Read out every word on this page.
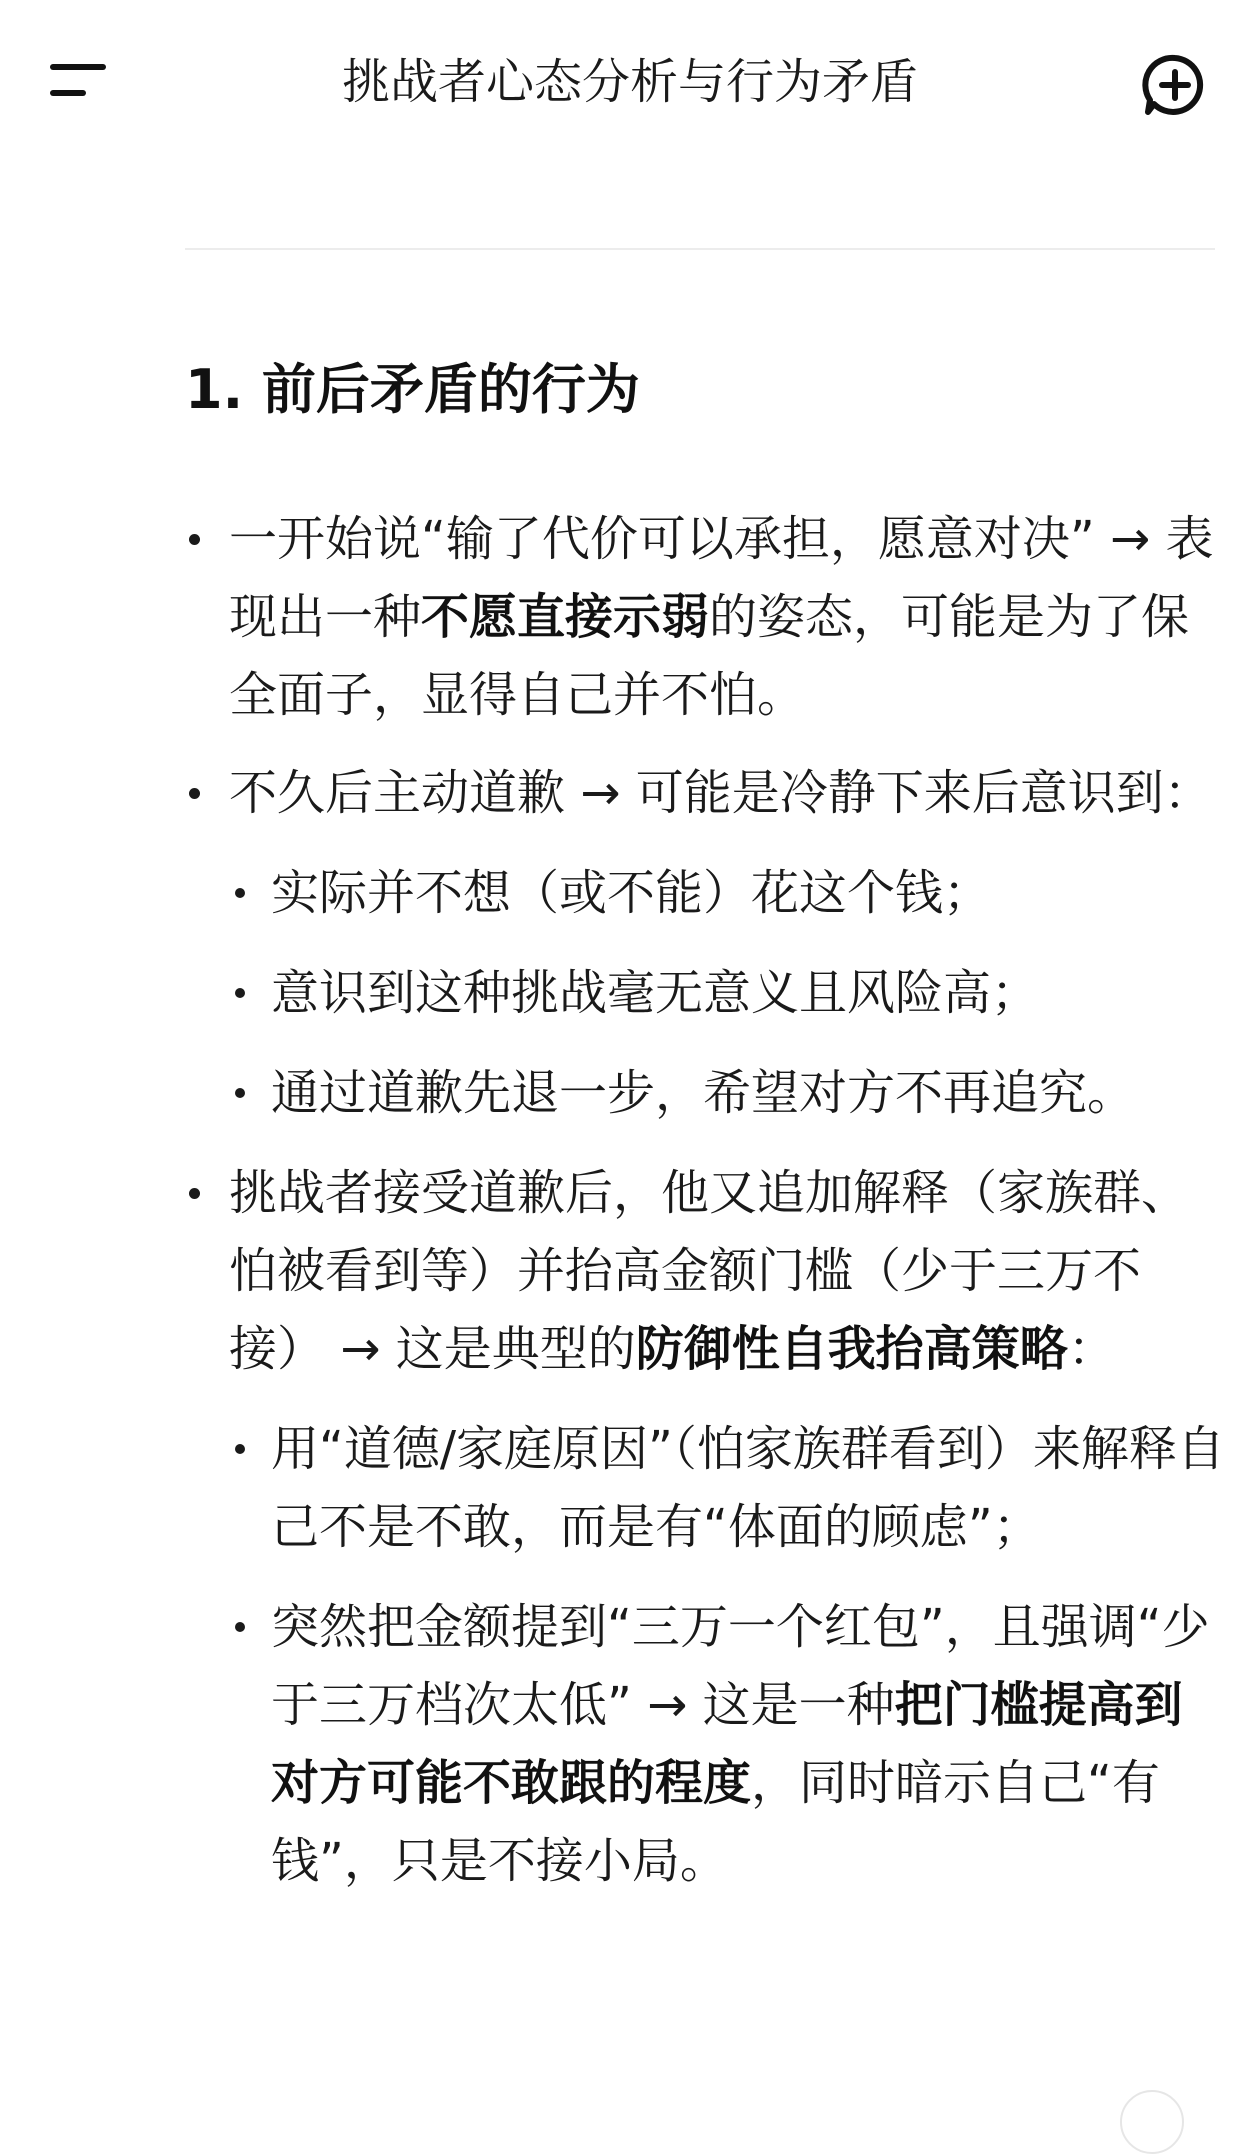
挑战者心态分析与行为矛盾
1. 前后矛盾的行为
一开始说“输了代价可以承担，愿意对决” → 表现出一种不愿直接示弱的姿态，可能是为了保全面子，显得自己并不怕。
不久后主动道歉 → 可能是冷静下来后意识到：
实际并不想（或不能）花这个钱；
意识到这种挑战毫无意义且风险高；
通过道歉先退一步，希望对方不再追究。
挑战者接受道歉后，他又追加解释（家族群、怕被看到等）并抬高金额门槛（少于三万不接） → 这是典型的防御性自我抬高策略：
用“道德/家庭原因”（怕家族群看到）来解释自己不是不敢，而是有“体面的顾虑”；
突然把金额提到“三万一个红包”，且强调“少于三万档次太低” → 这是一种把门槛提高到对方可能不敢跟的程度，同时暗示自己“有钱”，只是不接小局。
